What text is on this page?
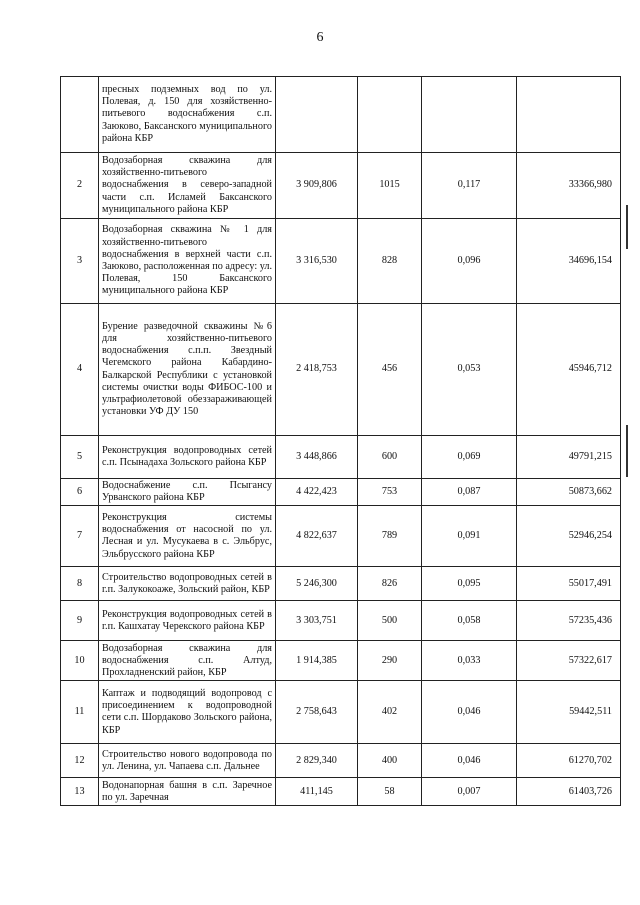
6
	пресных подземных вод по ул. Полевая, д. 150 для хозяйственно-питьевого водоснабжения с.п. Заюково, Баксанского муниципального района КБР				
2	Водозаборная скважина для хозяйственно-питьевого водоснабжения в северо-западной части с.п. Исламей Баксанского муниципального района КБР	3 909,806	1015	0,117	33366,980
3	Водозаборная скважина № 1 для хозяйственно-питьевого водоснабжения в верхней части с.п. Заюково, расположенная по адресу: ул. Полевая, 150 Баксанского муниципального района КБР	3 316,530	828	0,096	34696,154
4	Бурение разведочной скважины №6 для хозяйственно-питьевого водоснабжения с.п.п. Звездный Чегемского района Кабардино-Балкарской Республики с установкой системы очистки воды ФИБОС-100 и ультрафиолетовой обеззараживающей установки УФ ДУ 150	2 418,753	456	0,053	45946,712
5	Реконструкция водопроводных сетей с.п. Псынадаха Зольского района КБР	3 448,866	600	0,069	49791,215
6	Водоснабжение с.п. Псыгансу Урванского района КБР	4 422,423	753	0,087	50873,662
7	Реконструкция системы водоснабжения от насосной по ул. Лесная и ул. Мусукаева в с. Эльбрус, Эльбрусского района КБР	4 822,637	789	0,091	52946,254
8	Строительство водопроводных сетей в г.п. Залукокоаже, Зольский район, КБР	5 246,300	826	0,095	55017,491
9	Реконструкция водопроводных сетей в г.п. Кашхатау Черекского района КБР	3 303,751	500	0,058	57235,436
10	Водозаборная скважина для водоснабжения с.п. Алтуд, Прохладненский район, КБР	1 914,385	290	0,033	57322,617
11	Каптаж и подводящий водопровод с присоединением к водопроводной сети с.п. Шордаково Зольского района, КБР	2 758,643	402	0,046	59442,511
12	Строительство нового водопровода по ул. Ленина, ул. Чапаева с.п. Дальнее	2 829,340	400	0,046	61270,702
13	Водонапорная башня в с.п. Заречное по ул. Заречная	411,145	58	0,007	61403,726
